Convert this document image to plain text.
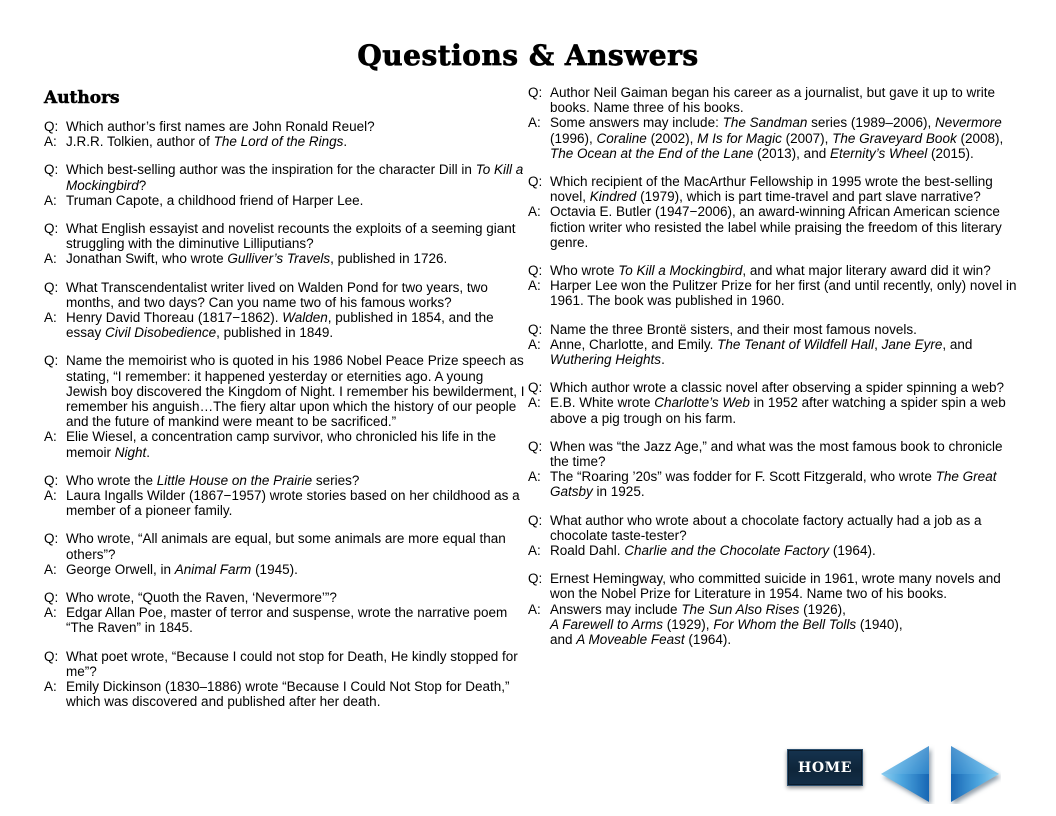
Questions & Answers
Authors
Q: Which author’s first names are John Ronald Reuel?
A: J.R.R. Tolkien, author of The Lord of the Rings.
Q: Which best-selling author was the inspiration for the character Dill in To Kill a Mockingbird?
A: Truman Capote, a childhood friend of Harper Lee.
Q: What English essayist and novelist recounts the exploits of a seeming giant struggling with the diminutive Lilliputians?
A: Jonathan Swift, who wrote Gulliver’s Travels, published in 1726.
Q: What Transcendentalist writer lived on Walden Pond for two years, two months, and two days? Can you name two of his famous works?
A: Henry David Thoreau (1817−1862). Walden, published in 1854, and the essay Civil Disobedience, published in 1849.
Q: Name the memoirist who is quoted in his 1986 Nobel Peace Prize speech as stating, “I remember: it happened yesterday or eternities ago. A young Jewish boy discovered the Kingdom of Night. I remember his bewilderment, I remember his anguish…The fiery altar upon which the history of our people and the future of mankind were meant to be sacrificed.”
A: Elie Wiesel, a concentration camp survivor, who chronicled his life in the memoir Night.
Q: Who wrote the Little House on the Prairie series?
A: Laura Ingalls Wilder (1867−1957) wrote stories based on her childhood as a member of a pioneer family.
Q: Who wrote, “All animals are equal, but some animals are more equal than others”?
A: George Orwell, in Animal Farm (1945).
Q: Who wrote, “Quoth the Raven, ‘Nevermore’”?
A: Edgar Allan Poe, master of terror and suspense, wrote the narrative poem “The Raven” in 1845.
Q: What poet wrote, “Because I could not stop for Death, He kindly stopped for me”?
A: Emily Dickinson (1830–1886) wrote “Because I Could Not Stop for Death,” which was discovered and published after her death.
Q: Author Neil Gaiman began his career as a journalist, but gave it up to write books. Name three of his books.
A: Some answers may include: The Sandman series (1989–2006), Nevermore (1996), Coraline (2002), M Is for Magic (2007), The Graveyard Book (2008), The Ocean at the End of the Lane (2013), and Eternity’s Wheel (2015).
Q: Which recipient of the MacArthur Fellowship in 1995 wrote the best-selling novel, Kindred (1979), which is part time-travel and part slave narrative?
A: Octavia E. Butler (1947−2006), an award-winning African American science fiction writer who resisted the label while praising the freedom of this literary genre.
Q: Who wrote To Kill a Mockingbird, and what major literary award did it win?
A: Harper Lee won the Pulitzer Prize for her first (and until recently, only) novel in 1961. The book was published in 1960.
Q: Name the three Brontë sisters, and their most famous novels.
A: Anne, Charlotte, and Emily. The Tenant of Wildfell Hall, Jane Eyre, and Wuthering Heights.
Q: Which author wrote a classic novel after observing a spider spinning a web?
A: E.B. White wrote Charlotte’s Web in 1952 after watching a spider spin a web above a pig trough on his farm.
Q: When was “the Jazz Age,” and what was the most famous book to chronicle the time?
A: The “Roaring ’20s” was fodder for F. Scott Fitzgerald, who wrote The Great Gatsby in 1925.
Q: What author who wrote about a chocolate factory actually had a job as a chocolate taste-tester?
A: Roald Dahl. Charlie and the Chocolate Factory (1964).
Q: Ernest Hemingway, who committed suicide in 1961, wrote many novels and won the Nobel Prize for Literature in 1954. Name two of his books.
A: Answers may include The Sun Also Rises (1926),
A Farewell to Arms (1929), For Whom the Bell Tolls (1940),
and A Moveable Feast (1964).
HOME
